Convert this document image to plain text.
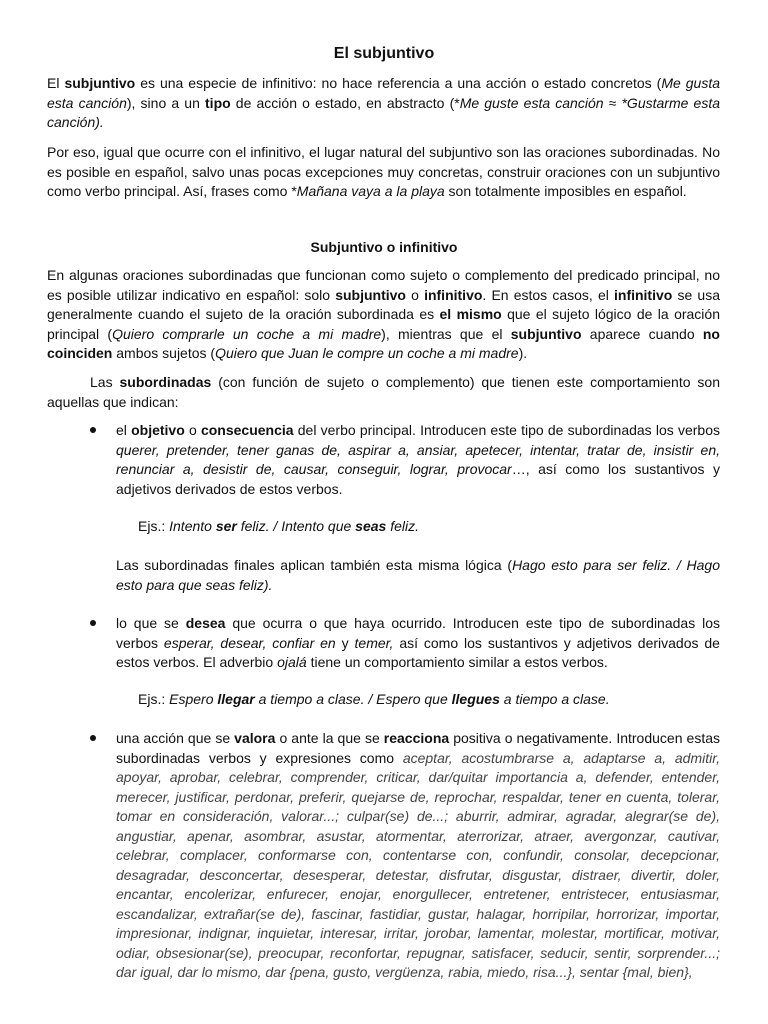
El subjuntivo

El subjuntivo es una especie de infinitivo: no hace referencia a una acción o estado concretos (Me gusta esta canción), sino a un tipo de acción o estado, en abstracto (*Me guste esta canción ≈ *Gustarme esta canción).

Por eso, igual que ocurre con el infinitivo, el lugar natural del subjuntivo son las oraciones subordinadas. No es posible en español, salvo unas pocas excepciones muy concretas, construir oraciones con un subjuntivo como verbo principal. Así, frases como *Mañana vaya a la playa son totalmente imposibles en español.

Subjuntivo o infinitivo

En algunas oraciones subordinadas que funcionan como sujeto o complemento del predicado principal, no es posible utilizar indicativo en español: solo subjuntivo o infinitivo. En estos casos, el infinitivo se usa generalmente cuando el sujeto de la oración subordinada es el mismo que el sujeto lógico de la oración principal (Quiero comprarle un coche a mi madre), mientras que el subjuntivo aparece cuando no coinciden ambos sujetos (Quiero que Juan le compre un coche a mi madre).

Las subordinadas (con función de sujeto o complemento) que tienen este comportamiento son aquellas que indican:

el objetivo o consecuencia del verbo principal. Introducen este tipo de subordinadas los verbos querer, pretender, tener ganas de, aspirar a, ansiar, apetecer, intentar, tratar de, insistir en, renunciar a, desistir de, causar, conseguir, lograr, provocar…, así como los sustantivos y adjetivos derivados de estos verbos.

Ejs.: Intento ser feliz. / Intento que seas feliz.

Las subordinadas finales aplican también esta misma lógica (Hago esto para ser feliz. / Hago esto para que seas feliz).

lo que se desea que ocurra o que haya ocurrido. Introducen este tipo de subordinadas los verbos esperar, desear, confiar en y temer, así como los sustantivos y adjetivos derivados de estos verbos. El adverbio ojalá tiene un comportamiento similar a estos verbos.

Ejs.: Espero llegar a tiempo a clase. / Espero que llegues a tiempo a clase.

una acción que se valora o ante la que se reacciona positiva o negativamente. Introducen estas subordinadas verbos y expresiones como aceptar, acostumbrarse a, adaptarse a, admitir, apoyar, aprobar, celebrar, comprender, criticar, dar/quitar importancia a, defender, entender, merecer, justificar, perdonar, preferir, quejarse de, reprochar, respaldar, tener en cuenta, tolerar, tomar en consideración, valorar...; culpar(se) de...; aburrir, admirar, agradar, alegrar(se de), angustiar, apenar, asombrar, asustar, atormentar, aterrorizar, atraer, avergonzar, cautivar, celebrar, complacer, conformarse con, contentarse con, confundir, consolar, decepcionar, desagradar, desconcertar, desesperar, detestar, disfrutar, disgustar, distraer, divertir, doler, encantar, encolerizar, enfurecer, enojar, enorgullecer, entretener, entristecer, entusiasmar, escandalizar, extrañar(se de), fascinar, fastidiar, gustar, halagar, horripilar, horrorizar, importar, impresionar, indignar, inquietar, interesar, irritar, jorobar, lamentar, molestar, mortificar, motivar, odiar, obsesionar(se), preocupar, reconfortar, repugnar, satisfacer, seducir, sentir, sorprender...; dar igual, dar lo mismo, dar {pena, gusto, vergüenza, rabia, miedo, risa...}, sentar {mal, bien},
